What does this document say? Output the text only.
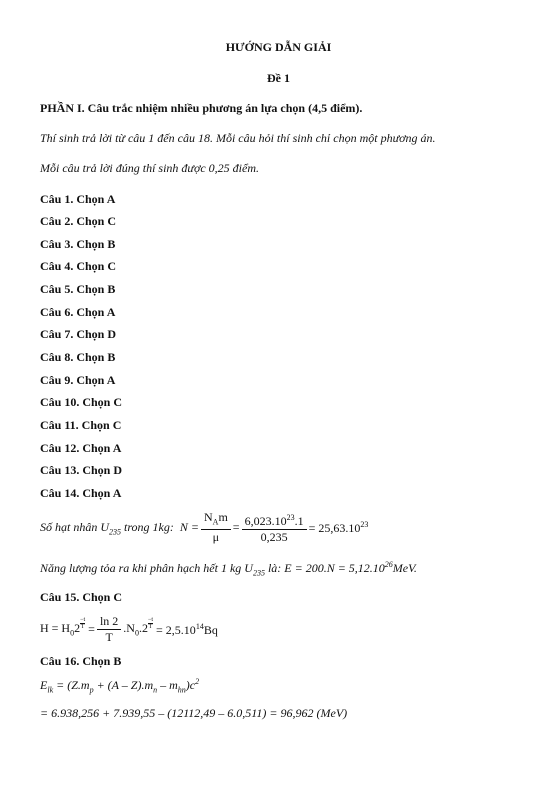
HƯỚNG DẪN GIẢI
Đề 1
PHẦN I. Câu trắc nhiệm nhiều phương án lựa chọn (4,5 điểm).
Thí sinh trả lời từ câu 1 đến câu 18. Mỗi câu hỏi thí sinh chỉ chọn một phương án.
Mỗi câu trả lời đúng thí sinh được 0,25 điểm.
Câu 1. Chọn A
Câu 2. Chọn C
Câu 3. Chọn B
Câu 4. Chọn C
Câu 5. Chọn B
Câu 6. Chọn A
Câu 7. Chọn D
Câu 8. Chọn B
Câu 9. Chọn A
Câu 10. Chọn C
Câu 11. Chọn C
Câu 12. Chọn A
Câu 13. Chọn D
Câu 14. Chọn A
Số hạt nhân $U_{235}$ trong 1kg: $N = \frac{N_Am}{\mu} = \frac{6,023.10^{23}.1}{0,235} = 25,63.10^{23}$
Năng lượng tỏa ra khi phân hạch hết 1 kg $U_{235}$ là: $E = 200.N = 5,12.10^{26}MeV$.
Câu 15. Chọn C
$H = H_02 \frac{-t}{T} = \frac{\ln 2}{T} .N_0.2 \frac{-t}{T} = 2,5.10^{14}Bq$
Câu 16. Chọn B
$E_{lk} = (Z.m_p + (A - Z).m_n - m_{hn})c^2$
= 6.938,256 + 7.939,55 – (12112,49 – 6.0,511) = 96,962 (MeV)
